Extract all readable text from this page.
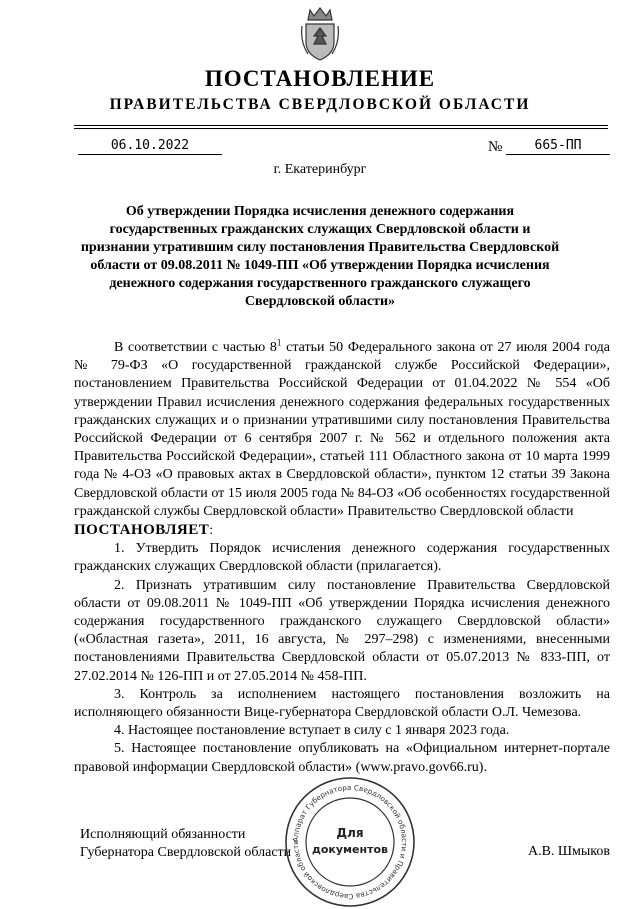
ПОСТАНОВЛЕНИЕ
ПРАВИТЕЛЬСТВА СВЕРДЛОВСКОЙ ОБЛАСТИ
06.10.2022	№	665-ПП
г. Екатеринбург
Об утверждении Порядка исчисления денежного содержания государственных гражданских служащих Свердловской области и признании утратившим силу постановления Правительства Свердловской области от 09.08.2011 № 1049-ПП «Об утверждении Порядка исчисления денежного содержания государственного гражданского служащего Свердловской области»

В соответствии с частью $8^1$ статьи 50 Федерального закона от 27 июля 2004 года № 79-ФЗ «О государственной гражданской службе Российской Федерации», постановлением Правительства Российской Федерации от 01.04.2022 № 554 «Об утверждении Правил исчисления денежного содержания федеральных государственных гражданских служащих и о признании утратившими силу постановления Правительства Российской Федерации от 6 сентября 2007 г. № 562 и отдельного положения акта Правительства Российской Федерации», статьей 111 Областного закона от 10 марта 1999 года № 4-ОЗ «О правовых актах в Свердловской области», пунктом 12 статьи 39 Закона Свердловской области от 15 июля 2005 года № 84-ОЗ «Об особенностях государственной гражданской службы Свердловской области» Правительство Свердловской области

ПОСТАНОВЛЯЕТ:

1. Утвердить Порядок исчисления денежного содержания государственных гражданских служащих Свердловской области (прилагается).

2. Признать утратившим силу постановление Правительства Свердловской области от 09.08.2011 № 1049-ПП «Об утверждении Порядка исчисления денежного содержания государственного гражданского служащего Свердловской области» («Областная газета», 2011, 16 августа, № 297–298) с изменениями, внесенными постановлениями Правительства Свердловской области от 05.07.2013 № 833-ПП, от 27.02.2014 № 126-ПП и от 27.05.2014 № 458-ПП.

3. Контроль за исполнением настоящего постановления возложить на исполняющего обязанности Вице-губернатора Свердловской области О.Л. Чемезова.

4. Настоящее постановление вступает в силу с 1 января 2023 года.

5. Настоящее постановление опубликовать на «Официальном интернет-портале правовой информации Свердловской области» (www.pravo.gov66.ru).

Исполняющий обязанности
Губернатора Свердловской области	А.В. Шмыков
Аппарат Губернатора Свердловской области и Правительства Свердловской области
Для
документов
